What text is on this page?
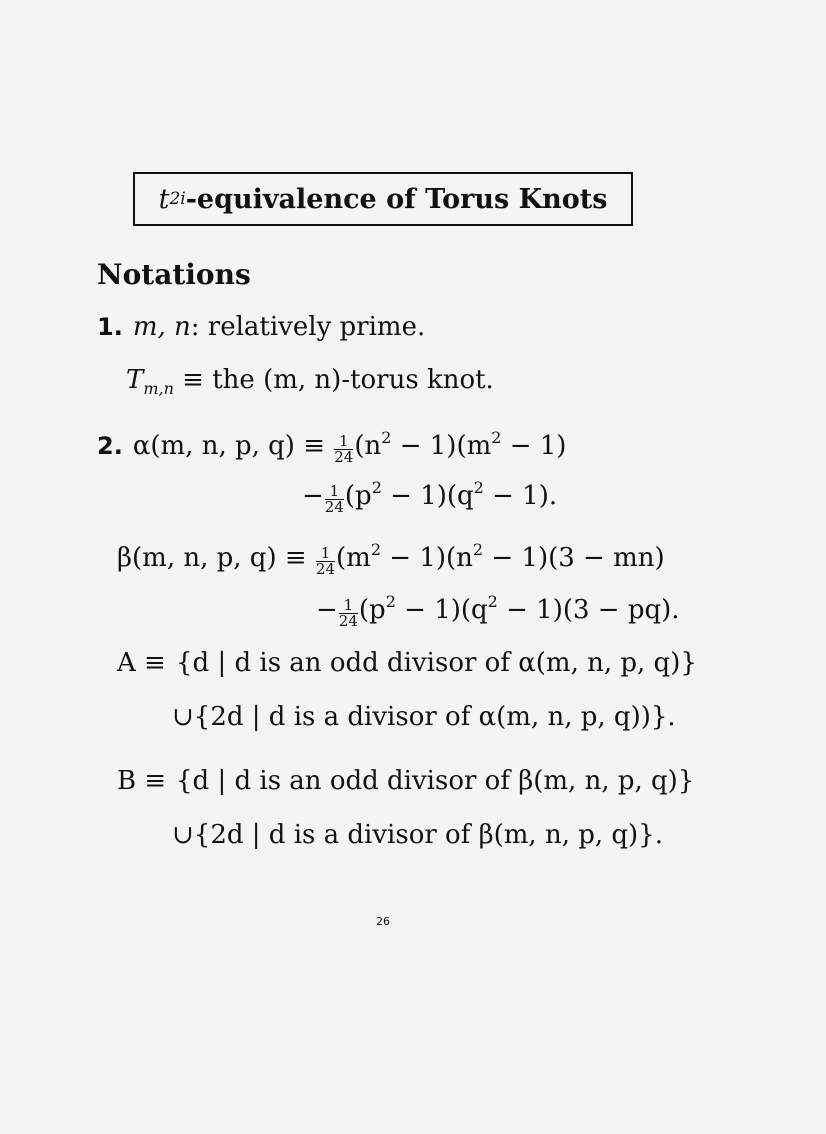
t 2i -equivalence of Torus Knots
Notations
1. m, n: relatively prime.
$T_{m,n}$ ≡ the (m, n)-torus knot.
2. α(m, n, p, $q) \equiv \frac{1}{24} (n^2 - 1)(m^2 - 1)$
− $\frac{1}{24} (p^2 - 1)(q^2 - 1)$.
β(m, n, p, $q) \equiv \frac{1}{24} (m^2 - 1)(n^2 - 1)(3 - mn)$
− $\frac{1}{24} (p^2 - 1)(q^2 - 1)(3 - pq)$.
A ≡ {d | d is an odd divisor of α(m, n, p, q)}
∪{2d | d is a divisor of α(m, n, p, q))}.
B ≡ {d | d is an odd divisor of β(m, n, p, q)}
∪{2d | d is a divisor of β(m, n, p, q)}.
26
